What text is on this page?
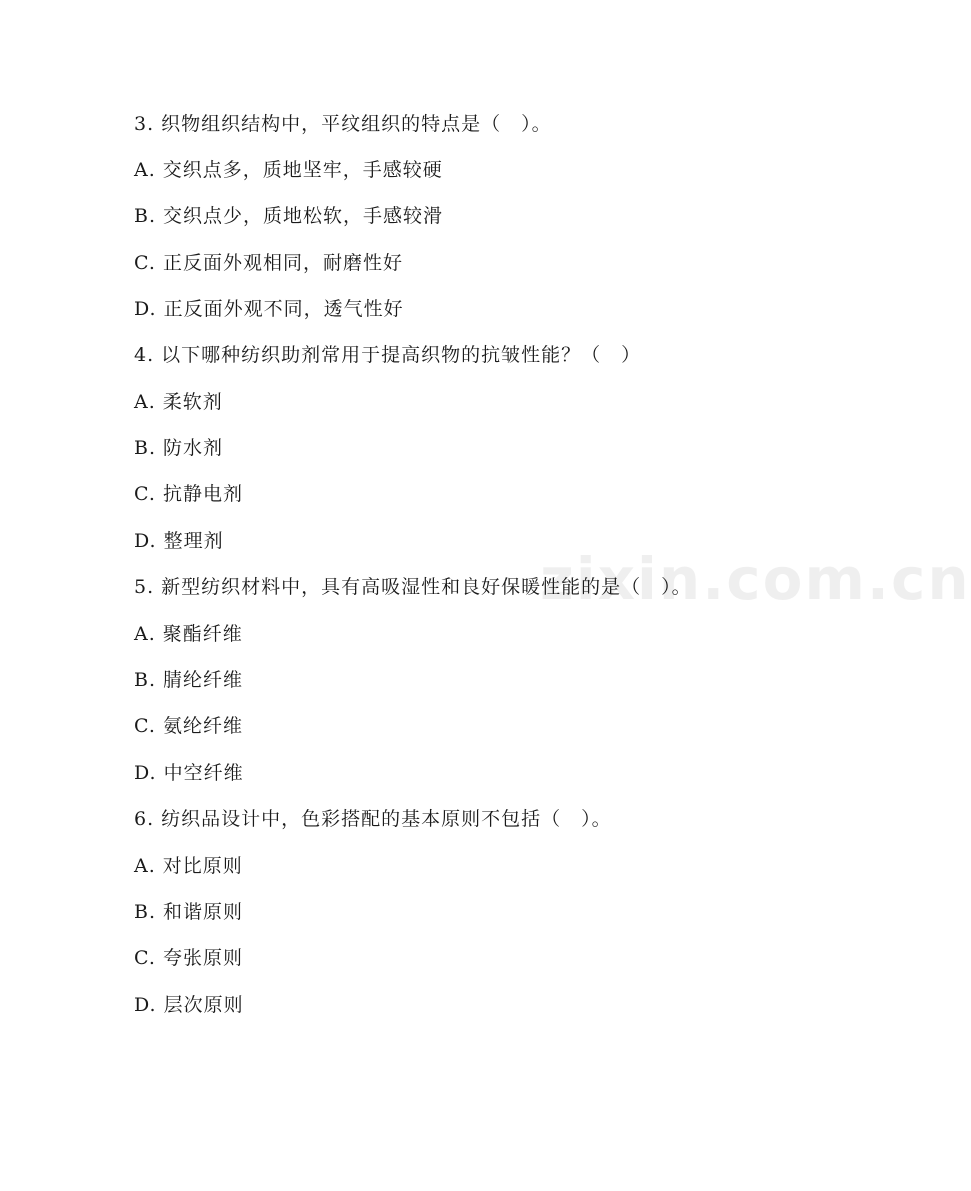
zixin.com.cn
3. 织物组织结构中，平纹组织的特点是（　）。
A. 交织点多，质地坚牢，手感较硬
B. 交织点少，质地松软，手感较滑
C. 正反面外观相同，耐磨性好
D. 正反面外观不同，透气性好
4. 以下哪种纺织助剂常用于提高织物的抗皱性能？（　）
A. 柔软剂
B. 防水剂
C. 抗静电剂
D. 整理剂
5. 新型纺织材料中，具有高吸湿性和良好保暖性能的是（　）。
A. 聚酯纤维
B. 腈纶纤维
C. 氨纶纤维
D. 中空纤维
6. 纺织品设计中，色彩搭配的基本原则不包括（　）。
A. 对比原则
B. 和谐原则
C. 夸张原则
D. 层次原则
